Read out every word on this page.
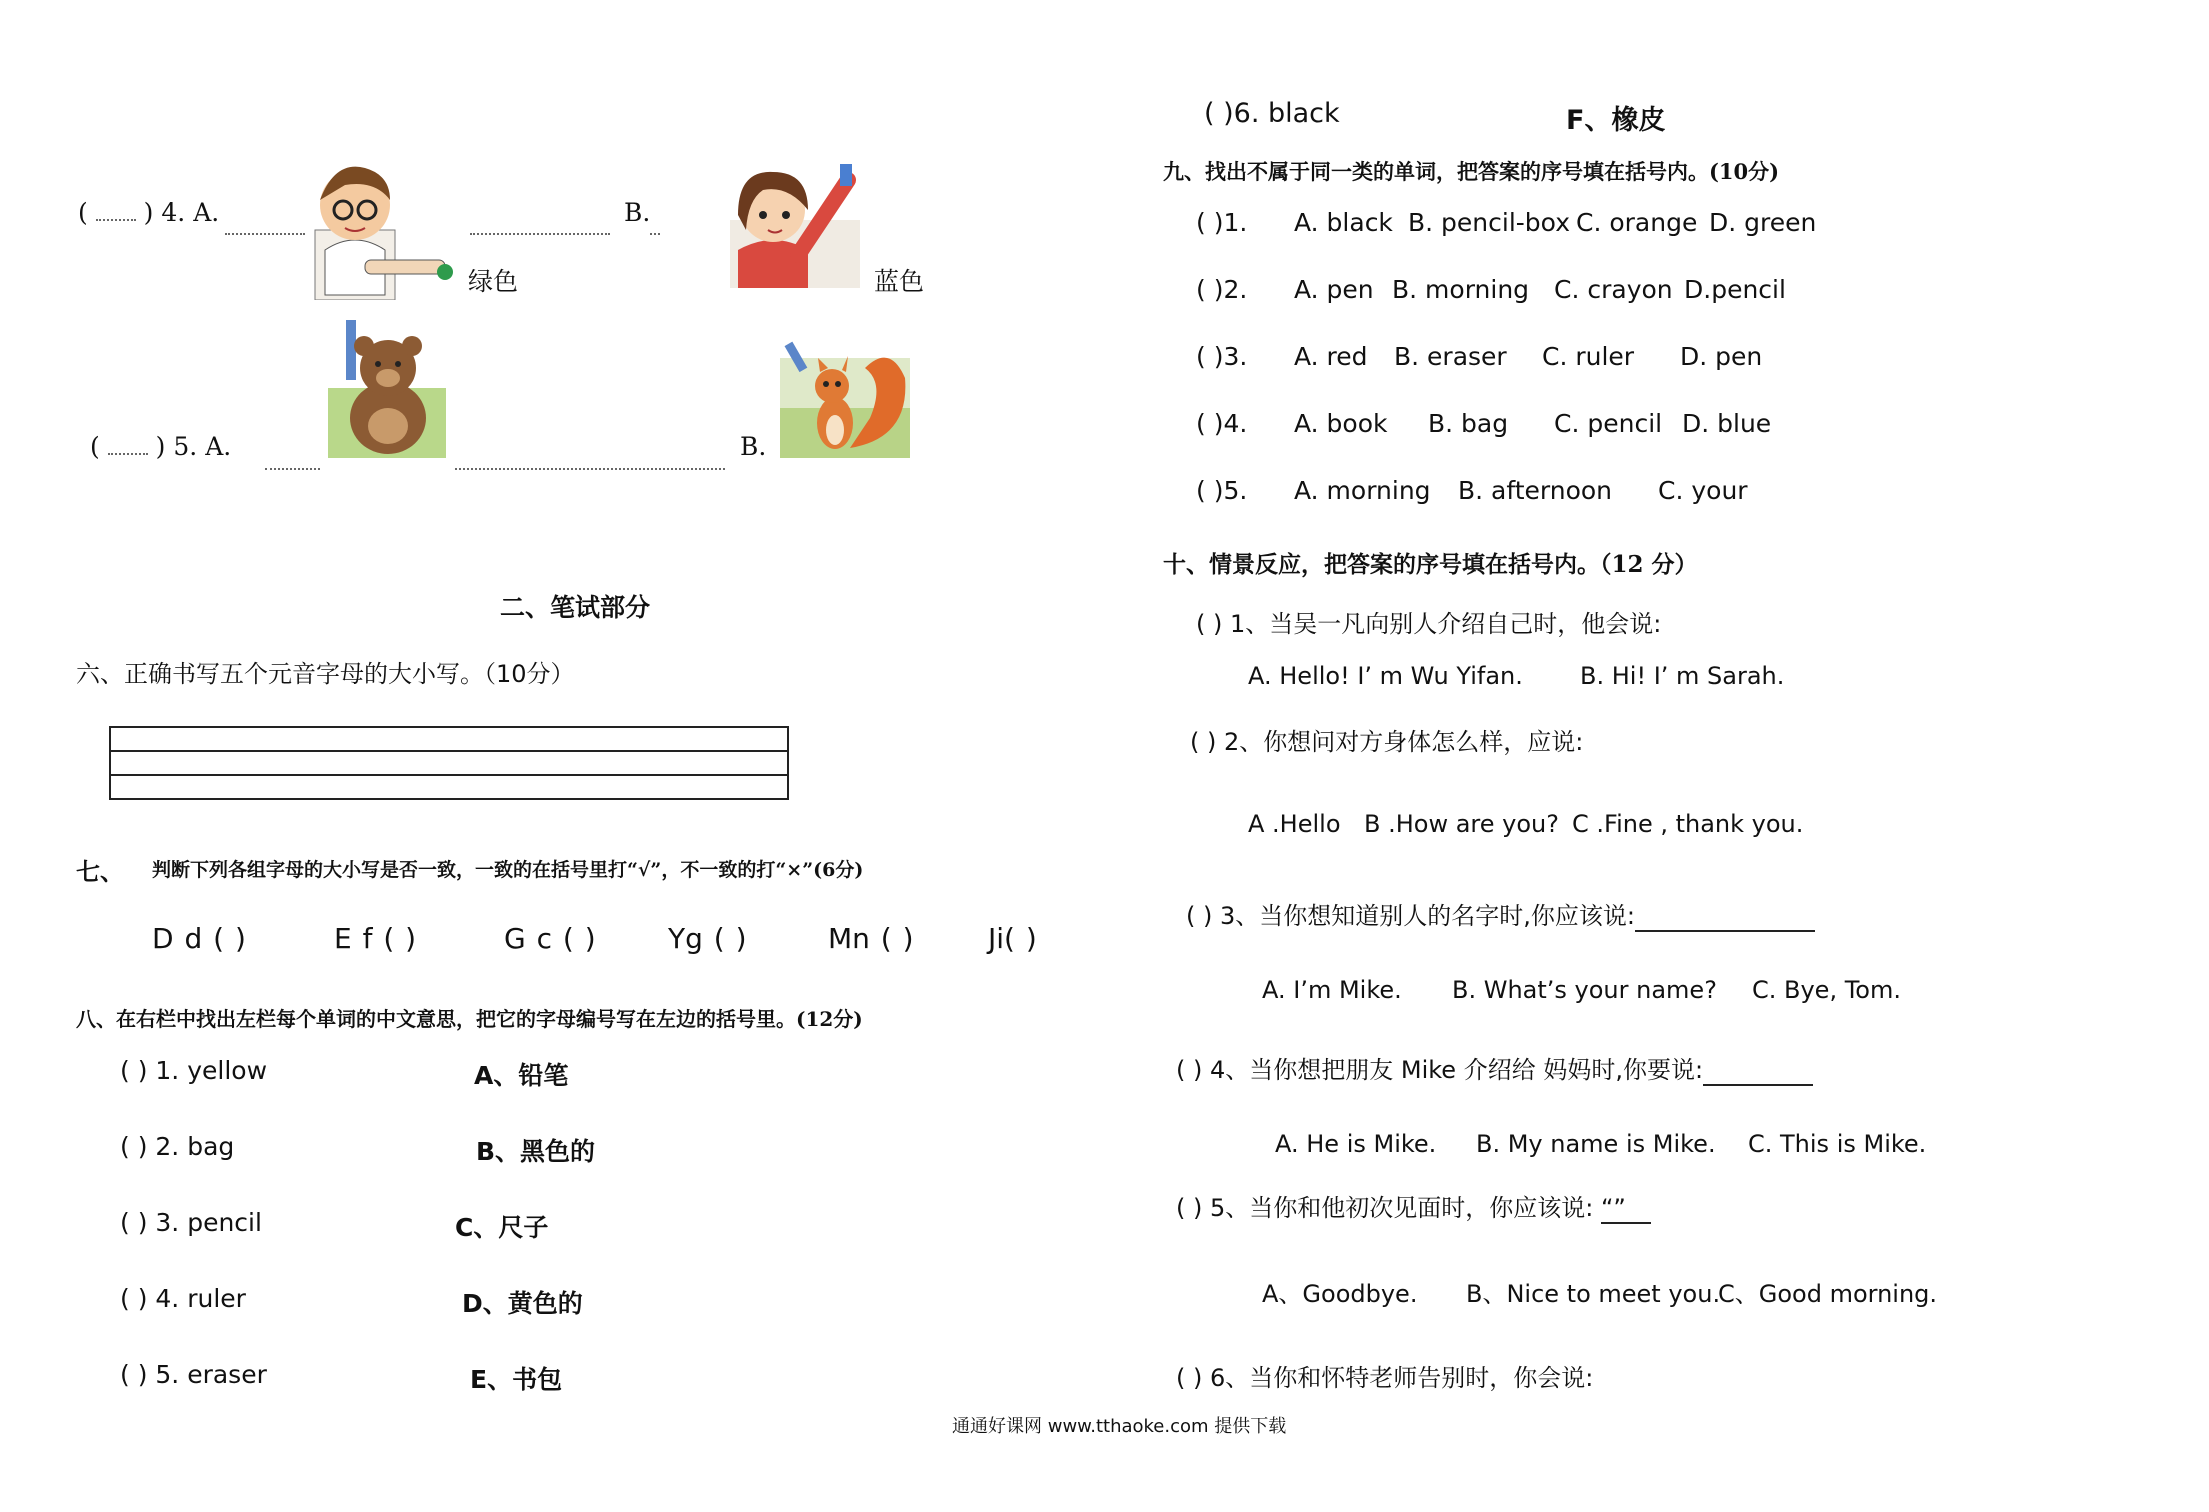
( ) 4. A.
绿色
B.
蓝色
( ) 5. A.	B.
二、笔试部分
六、正确书写五个元音字母的大小写。（10分）

七、 判断下列各组字母的大小写是否一致，一致的在括号里打“√”，不一致的打“×”(6分)
D d ( )	E f ( )	G c ( )	Yg ( )	Mn ( )	Ji( )
八、在右栏中找出左栏每个单词的中文意思，把它的字母编号写在左边的括号里。(12分)
( ) 1. yellow	A、铅笔
( ) 2. bag	B、黑色的
( ) 3. pencil	C、尺子
( ) 4. ruler	D、黄色的
( ) 5. eraser	E、书包
( )6. black	F、橡皮
九、找出不属于同一类的单词，把答案的序号填在括号内。(10分)
( )1. A. black B. pencil-box C. orange D. green
( )2. A. pen B. morning C. crayon D.pencil
( )3. A. red B. eraser C. ruler D. pen
( )4. A. book B. bag C. pencil D. blue
( )5. A. morning B. afternoon C. your
十、情景反应，把答案的序号填在括号内。（12 分）
( ) 1、当吴一凡向别人介绍自己时，他会说:
A. Hello! I’ m Wu Yifan. B. Hi! I’ m Sarah.
( ) 2、你想问对方身体怎么样，应说:
A .Hello B .How are you? C .Fine , thank you.
( ) 3、当你想知道别人的名字时,你应该说:
A. I’m Mike. B. What’s your name? C. Bye, Tom.
( ) 4、当你想把朋友 Mike 介绍给 妈妈时,你要说:
A. He is Mike. B. My name is Mike. C. This is Mike.
( ) 5、当你和他初次见面时，你应该说: “”
A、Goodbye. B、Nice to meet you.
C、Good morning.
( ) 6、当你和怀特老师告别时，你会说:
通通好课网 www.tthaoke.com 提供下载
